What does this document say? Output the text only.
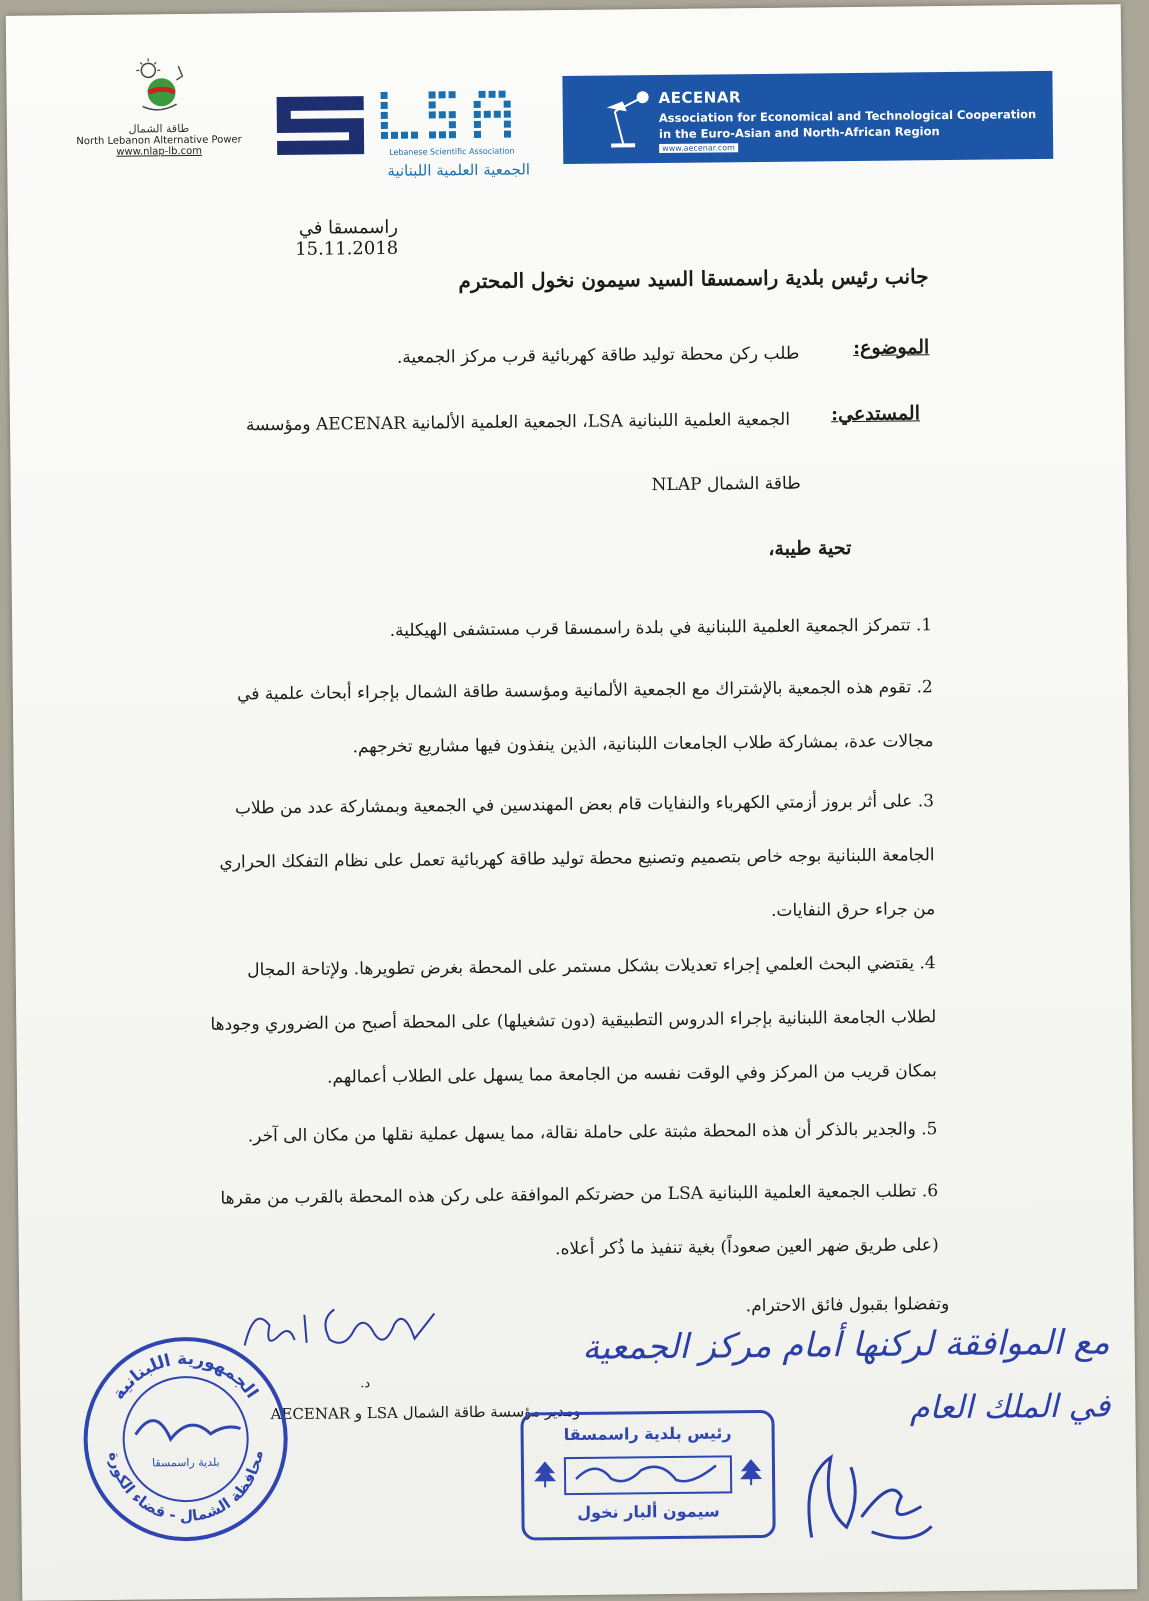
طاقة الشمال
North Lebanon Alternative Power
www.nlap-lb.com	Lebanese Scientific Association
الجمعية العلمية اللبنانية
AECENAR
Association for Economical and Technological Cooperation
in the Euro-Asian and North-African Region
www.aecenar.com
راسمسقا في 15.11.2018
جانب رئيس بلدية راسمسقا السيد سيمون نخول المحترم
الموضوع:
طلب ركن محطة توليد طاقة كهربائية قرب مركز الجمعية.
المستدعي:
الجمعية العلمية اللبنانية LSA، الجمعية العلمية الألمانية AECENAR ومؤسسة
طاقة الشمال NLAP
تحية طيبة،
1. تتمركز الجمعية العلمية اللبنانية في بلدة راسمسقا قرب مستشفى الهيكلية.
2. تقوم هذه الجمعية بالإشتراك مع الجمعية الألمانية ومؤسسة طاقة الشمال بإجراء أبحاث علمية في مجالات عدة، بمشاركة طلاب الجامعات اللبنانية، الذين ينفذون فيها مشاريع تخرجهم.
3. على أثر بروز أزمتي الكهرباء والنفايات قام بعض المهندسين في الجمعية وبمشاركة عدد من طلاب الجامعة اللبنانية بوجه خاص بتصميم وتصنيع محطة توليد طاقة كهربائية تعمل على نظام التفكك الحراري من جراء حرق النفايات.
4. يقتضي البحث العلمي إجراء تعديلات بشكل مستمر على المحطة بغرض تطويرها. ولإتاحة المجال لطلاب الجامعة اللبنانية بإجراء الدروس التطبيقية (دون تشغيلها) على المحطة أصبح من الضروري وجودها بمكان قريب من المركز وفي الوقت نفسه من الجامعة مما يسهل على الطلاب أعمالهم.
5. والجدير بالذكر أن هذه المحطة مثبتة على حاملة نقالة، مما يسهل عملية نقلها من مكان الى آخر.
6. تطلب الجمعية العلمية اللبنانية LSA من حضرتكم الموافقة على ركن هذه المحطة بالقرب من مقرها (على طريق ضهر العين صعوداً) بغية تنفيذ ما ذُكر أعلاه.
وتفضلوا بقبول فائق الاحترام.
د.
AECENAR و LSA ومدير مؤسسة طاقة الشمال
مع الموافقة لركنها أمام مركز الجمعية
في الملك العام
الجمهورية اللبنانية
محافظة الشمال - قضاء الكورة
بلدية راسمسقا
رئيس بلدية راسمسقا
سيمون ألبار نخول
